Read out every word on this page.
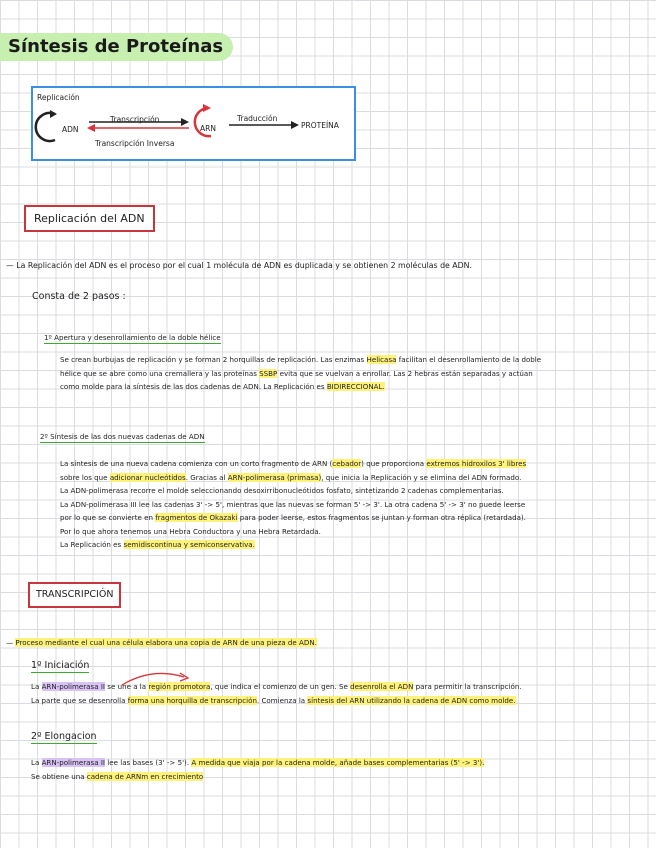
Síntesis de Proteínas
Replicación
ADN
Transcripción
Transcripción Inversa
ARN
Traducción
PROTEÍNA
Replicación del ADN
— La Replicación del ADN es el proceso por el cual 1 molécula de ADN es duplicada y se obtienen 2 moléculas de ADN.
Consta de 2 pasos :
1º Apertura y desenrollamiento de la doble hélice
Se crean burbujas de replicación y se forman 2 horquillas de replicación. Las enzimas Helicasa facilitan el desenrollamiento de la doble
hélice que se abre como una cremallera y las proteínas SSBP evita que se vuelvan a enrollar. Las 2 hebras están separadas y actúan
como molde para la síntesis de las dos cadenas de ADN. La Replicación es BIDIRECCIONAL.
2º Síntesis de las dos nuevas cadenas de ADN
La síntesis de una nueva cadena comienza con un corto fragmento de ARN (cebador) que proporciona extremos hidroxilos 3' libres
sobre los que adicionar nucleótidos. Gracias al ARN-polimerasa (primasa), que inicia la Replicación y se elimina del ADN formado.
La ADN-polimerasa recorre el molde seleccionando desoxirribonucleótidos fosfato, sintetizando 2 cadenas complementarias.
La ADN-polimerasa III lee las cadenas 3' -> 5', mientras que las nuevas se forman 5' -> 3'. La otra cadena 5' -> 3' no puede leerse
por lo que se convierte en fragmentos de Okazaki para poder leerse, estos fragmentos se juntan y forman otra réplica (retardada).
Por lo que ahora tenemos una Hebra Conductora y una Hebra Retardada.
La Replicación es semidiscontinua y semiconservativa.
TRANSCRIPCIÓN
— Proceso mediante el cual una célula elabora una copia de ARN de una pieza de ADN.
1º Iniciación
La ARN-polimerasa II se une a la región promotora, que indica el comienzo de un gen. Se desenrolla el ADN para permitir la transcripción.
La parte que se desenrolla forma una horquilla de transcripción. Comienza la síntesis del ARN utilizando la cadena de ADN como molde.
2º Elongacion
La ARN-polimerasa II lee las bases (3' -> 5'). A medida que viaja por la cadena molde, añade bases complementarias (5' -> 3').
Se obtiene una cadena de ARNm en crecimiento
